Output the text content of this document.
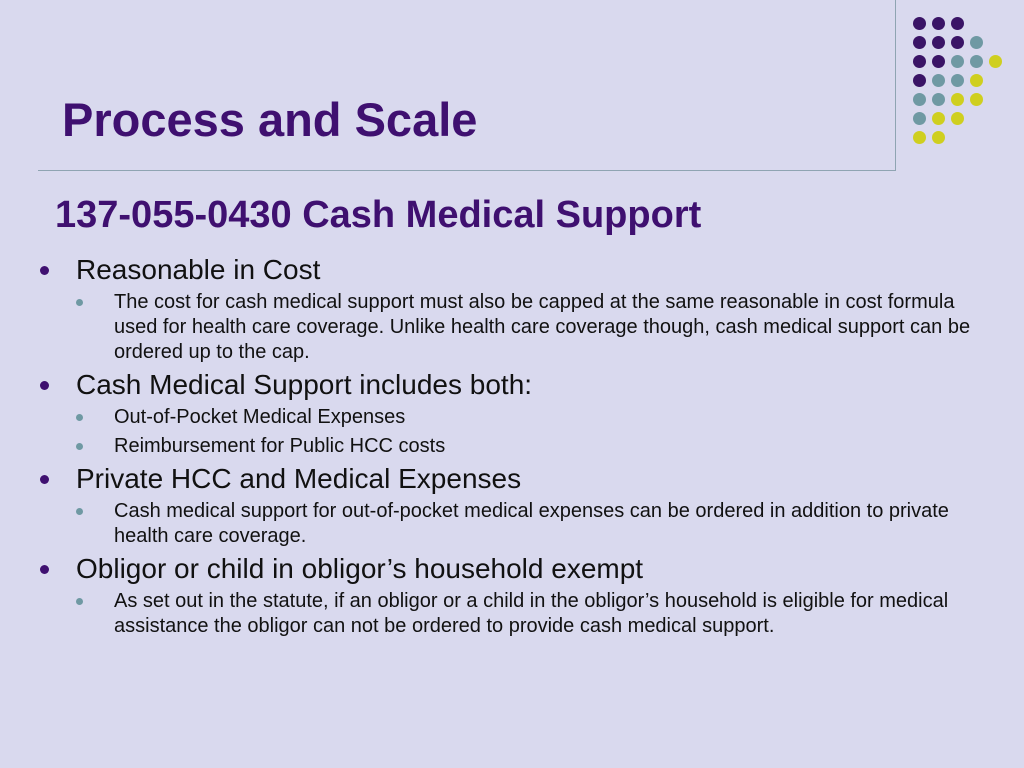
Process and Scale
137-055-0430 Cash Medical Support
Reasonable in Cost
The cost for cash medical support must also be capped at the same reasonable in cost formula used for health care coverage. Unlike health care coverage though, cash medical support can be ordered up to the cap.
Cash Medical Support includes both:
Out-of-Pocket Medical Expenses
Reimbursement for Public HCC costs
Private HCC and Medical Expenses
Cash medical support for out-of-pocket medical expenses can be ordered in addition to private health care coverage.
Obligor or child in obligor’s household exempt
As set out in the statute, if an obligor or a child in the obligor’s household is eligible for medical assistance the obligor can not be ordered to provide cash medical support.
